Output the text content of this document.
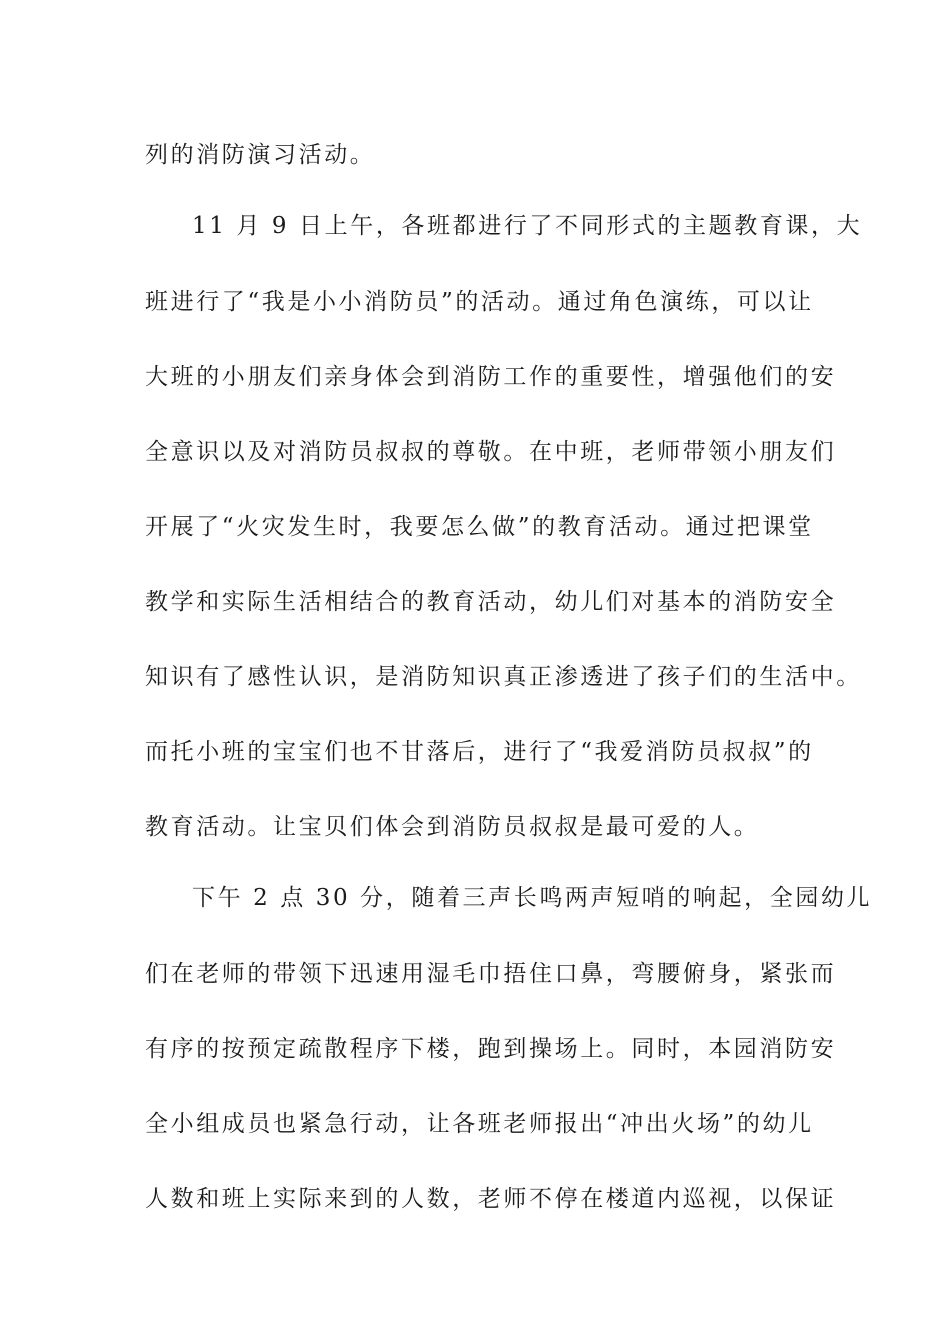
列的消防演习活动。
11 月 9 日上午，各班都进行了不同形式的主题教育课，大
班进行了“我是小小消防员”的活动。通过角色演练，可以让
大班的小朋友们亲身体会到消防工作的重要性，增强他们的安
全意识以及对消防员叔叔的尊敬。在中班，老师带领小朋友们
开展了“火灾发生时，我要怎么做”的教育活动。通过把课堂
教学和实际生活相结合的教育活动，幼儿们对基本的消防安全
知识有了感性认识，是消防知识真正渗透进了孩子们的生活中。
而托小班的宝宝们也不甘落后，进行了“我爱消防员叔叔”的
教育活动。让宝贝们体会到消防员叔叔是最可爱的人。
下午 2 点 30 分，随着三声长鸣两声短哨的响起，全园幼儿
们在老师的带领下迅速用湿毛巾捂住口鼻，弯腰俯身，紧张而
有序的按预定疏散程序下楼，跑到操场上。同时，本园消防安
全小组成员也紧急行动，让各班老师报出“冲出火场”的幼儿
人数和班上实际来到的人数，老师不停在楼道内巡视，以保证
